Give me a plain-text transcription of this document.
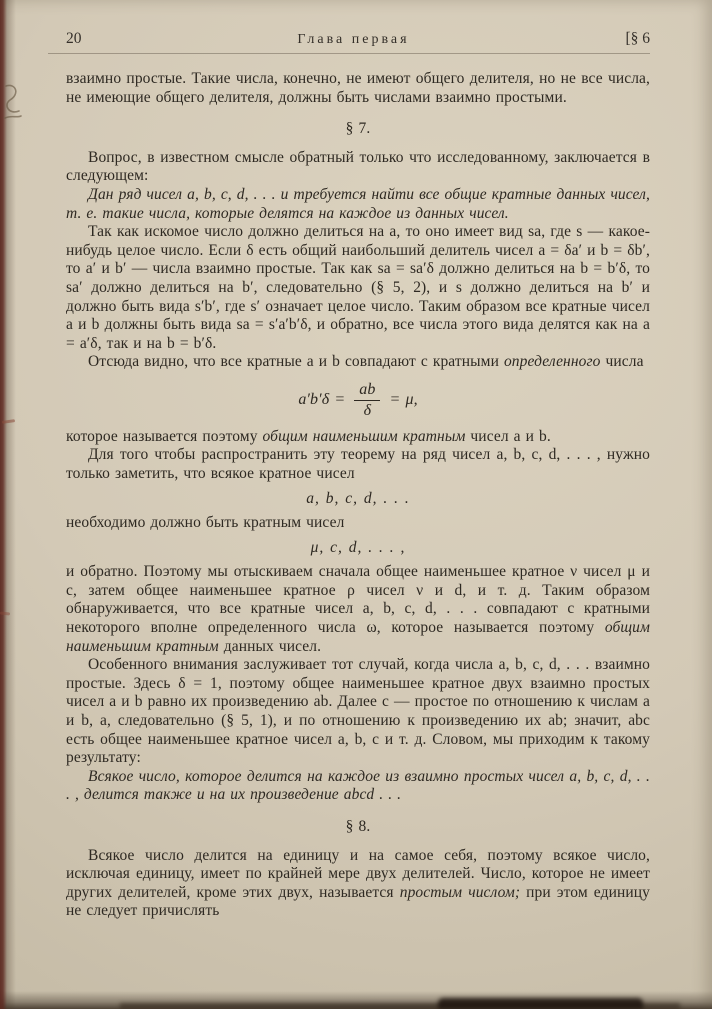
20	Глава первая	[§ 6

взаимно простые. Такие числа, конечно, не имеют общего делителя, но не все числа, не имеющие общего делителя, должны быть числами взаимно простыми.

§ 7.

Вопрос, в известном смысле обратный только что исследованному, заключается в следующем:

Дан ряд чисел a, b, c, d, . . . и требуется найти все общие кратные данных чисел, т. е. такие числа, которые делятся на каждое из данных чисел.

Так как искомое число должно делиться на a, то оно имеет вид sa, где s — какое-нибудь целое число. Если δ есть общий наибольший делитель чисел a = δa′ и b = δb′, то a′ и b′ — числа взаимно простые. Так как sa = sa′δ должно делиться на b = b′δ, то sa′ должно делиться на b′, следовательно (§ 5, 2), и s должно делиться на b′ и должно быть вида s′b′, где s′ означает целое число. Таким образом все кратные чисел a и b должны быть вида sa = s′a′b′δ, и обратно, все числа этого вида делятся как на a = a′δ, так и на b = b′δ.

Отсюда видно, что все кратные a и b совпадают с кратными определенного числа

$a'b'\delta = \frac{ab}{\delta} = \mu$,

которое называется поэтому общим наименьшим кратным чисел a и b.

Для того чтобы распространить эту теорему на ряд чисел a, b, c, d, . . . , нужно только заметить, что всякое кратное чисел

a, b, c, d, . . .

необходимо должно быть кратным чисел

μ, c, d, . . . ,

и обратно. Поэтому мы отыскиваем сначала общее наименьшее кратное ν чисел μ и c, затем общее наименьшее кратное ρ чисел ν и d, и т. д. Таким образом обнаруживается, что все кратные чисел a, b, c, d, . . . совпадают с кратными некоторого вполне определенного числа ω, которое называется поэтому общим наименьшим кратным данных чисел.

Особенного внимания заслуживает тот случай, когда числа a, b, c, d, . . . взаимно простые. Здесь δ = 1, поэтому общее наименьшее кратное двух взаимно простых чисел a и b равно их произведению ab. Далее c — простое по отношению к числам a и b, а, следовательно (§ 5, 1), и по отношению к произведению их ab; значит, abc есть общее наименьшее кратное чисел a, b, c и т. д. Словом, мы приходим к такому результату:

Всякое число, которое делится на каждое из взаимно простых чисел a, b, c, d, . . . , делится также и на их произведение abcd . . .

§ 8.

Всякое число делится на единицу и на самое себя, поэтому всякое число, исключая единицу, имеет по крайней мере двух делителей. Число, которое не имеет других делителей, кроме этих двух, называется простым числом; при этом единицу не следует причислять
